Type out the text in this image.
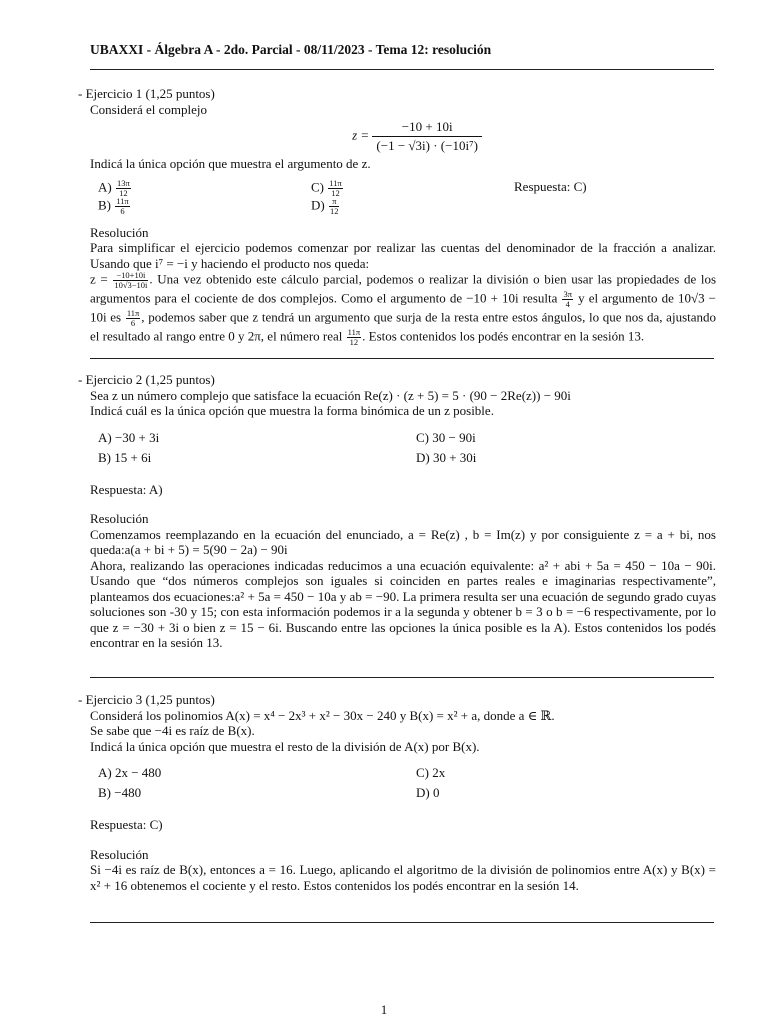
UBAXXI - Álgebra A - 2do. Parcial - 08/11/2023 - Tema 12: resolución
- Ejercicio 1 (1,25 puntos)
Considerá el complejo
$z = \frac{-10 + 10i}{\text{(−1 − √3i) · (−10i⁷)}}$
Indicá la única opción que muestra el argumento de z.
$A) \frac{13\pi}{12}$
$B) \frac{11\pi}{6}$
$C) \frac{11\pi}{12}$
$D) \frac{\pi}{12}$
Respuesta: C)
Resolución
Para simplificar el ejercicio podemos comenzar por realizar las cuentas del denominador de la fracción a analizar. Usando que i⁷ = −i y haciendo el producto nos queda:
$z = \frac{-10+10i}{10√3-10i}$ . Una vez obtenido este cálculo parcial, podemos o realizar la división o bien usar las propiedades de los argumentos para el cociente de dos complejos. Como el argumento de −10 + 10i resulta $\frac{3\pi}{4}$ y el argumento de 10√3 − 10i es $\frac{11\pi}{6}$ , podemos saber que z tendrá un argumento que surja de la resta entre estos ángulos, lo que nos da, ajustando el resultado al rango entre 0 y 2π, el número real $\frac{11\pi}{12}$ . Estos contenidos los podés encontrar en la sesión 13.
- Ejercicio 2 (1,25 puntos)
Sea z un número complejo que satisface la ecuación Re(z) · (z + 5) = 5 · (90 − 2Re(z)) − 90i
Indicá cuál es la única opción que muestra la forma binómica de un z posible.
A) −30 + 3i
B) 15 + 6i
C) 30 − 90i
D) 30 + 30i
Respuesta: A)
Resolución
Comenzamos reemplazando en la ecuación del enunciado, a = Re(z) , b = Im(z) y por consiguiente z = a + bi, nos queda:a(a + bi + 5) = 5(90 − 2a) − 90i
Ahora, realizando las operaciones indicadas reducimos a una ecuación equivalente: a² + abi + 5a = 450 − 10a − 90i. Usando que “dos números complejos son iguales si coinciden en partes reales e imaginarias respectivamente”, planteamos dos ecuaciones:a² + 5a = 450 − 10a y ab = −90. La primera resulta ser una ecuación de segundo grado cuyas soluciones son -30 y 15; con esta información podemos ir a la segunda y obtener b = 3 o b = −6 respectivamente, por lo que z = −30 + 3i o bien z = 15 − 6i. Buscando entre las opciones la única posible es la A). Estos contenidos los podés encontrar en la sesión 13.
- Ejercicio 3 (1,25 puntos)
Considerá los polinomios A(x) = x⁴ − 2x³ + x² − 30x − 240 y B(x) = x² + a, donde a ∈ ℝ.
Se sabe que −4i es raíz de B(x).
Indicá la única opción que muestra el resto de la división de A(x) por B(x).
A) 2x − 480
B) −480
C) 2x
D) 0
Respuesta: C)
Resolución
Si −4i es raíz de B(x), entonces a = 16. Luego, aplicando el algoritmo de la división de polinomios entre A(x) y B(x) = x² + 16 obtenemos el cociente y el resto. Estos contenidos los podés encontrar en la sesión 14.
1
